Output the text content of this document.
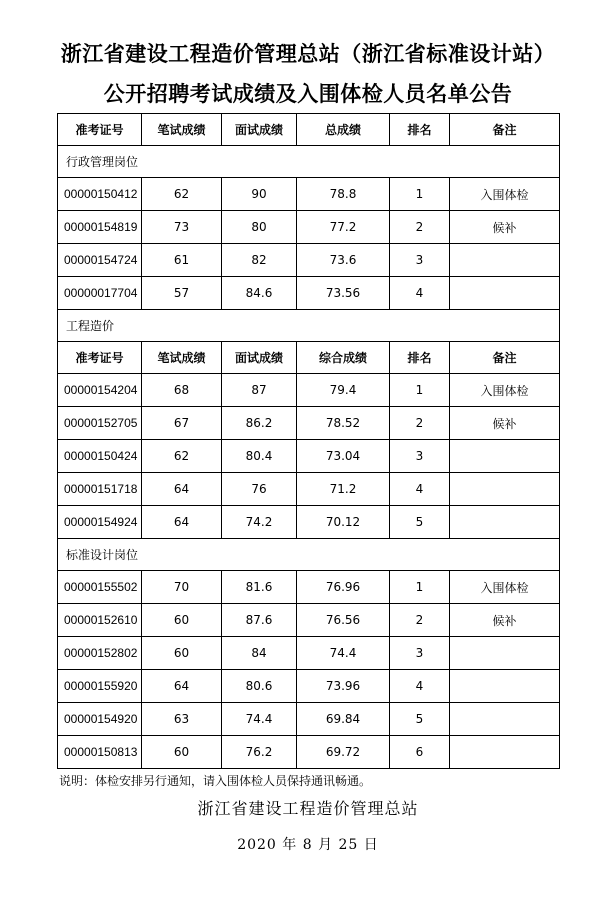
浙江省建设工程造价管理总站（浙江省标准设计站）
公开招聘考试成绩及入围体检人员名单公告
准考证号	笔试成绩	面试成绩	总成绩	排名	备注
行政管理岗位					
00000150412	62	90	78.8	1	入围体检
00000154819	73	80	77.2	2	候补
00000154724	61	82	73.6	3	
00000017704	57	84.6	73.56	4	
工程造价					
准考证号	笔试成绩	面试成绩	综合成绩	排名	备注
00000154204	68	87	79.4	1	入围体检
00000152705	67	86.2	78.52	2	候补
00000150424	62	80.4	73.04	3	
00000151718	64	76	71.2	4	
00000154924	64	74.2	70.12	5	
标准设计岗位					
00000155502	70	81.6	76.96	1	入围体检
00000152610	60	87.6	76.56	2	候补
00000152802	60	84	74.4	3	
00000155920	64	80.6	73.96	4	
00000154920	63	74.4	69.84	5	
00000150813	60	76.2	69.72	6	
说明：体检安排另行通知，请入围体检人员保持通讯畅通。
浙江省建设工程造价管理总站
2020 年 8 月 25 日
